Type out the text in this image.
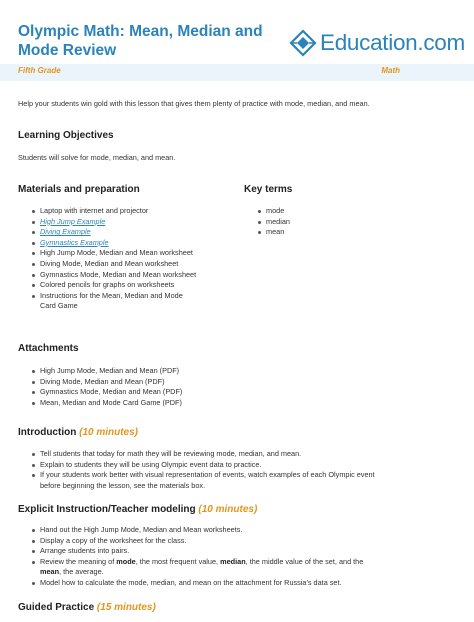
Olympic Math: Mean, Median and
Mode Review	Education.com
Fifth Grade	Math
Help your students win gold with this lesson that gives them plenty of practice with mode, median, and mean.
Learning Objectives
Students will solve for mode, median, and mean.
Materials and preparation
Laptop with internet and projector
High Jump Example
Diving Example
Gymnastics Example
High Jump Mode, Median and Mean worksheet
Diving Mode, Median and Mean worksheet
Gymnastics Mode, Median and Mean worksheet
Colored pencils for graphs on worksheets
Instructions for the Mean, Median and Mode
Card Game
Key terms
mode
median
mean
Attachments
High Jump Mode, Median and Mean (PDF)
Diving Mode, Median and Mean (PDF)
Gymnastics Mode, Median and Mean (PDF)
Mean, Median and Mode Card Game (PDF)
Introduction (10 minutes)
Tell students that today for math they will be reviewing mode, median, and mean.
Explain to students they will be using Olympic event data to practice.
If your students work better with visual representation of events, watch examples of each Olympic event
before beginning the lesson, see the materials box.
Explicit Instruction/Teacher modeling (10 minutes)
Hand out the High Jump Mode, Median and Mean worksheets.
Display a copy of the worksheet for the class.
Arrange students into pairs.
Review the meaning of mode, the most frequent value, median, the middle value of the set, and the
mean, the average.
Model how to calculate the mode, median, and mean on the attachment for Russia's data set.
Guided Practice (15 minutes)
